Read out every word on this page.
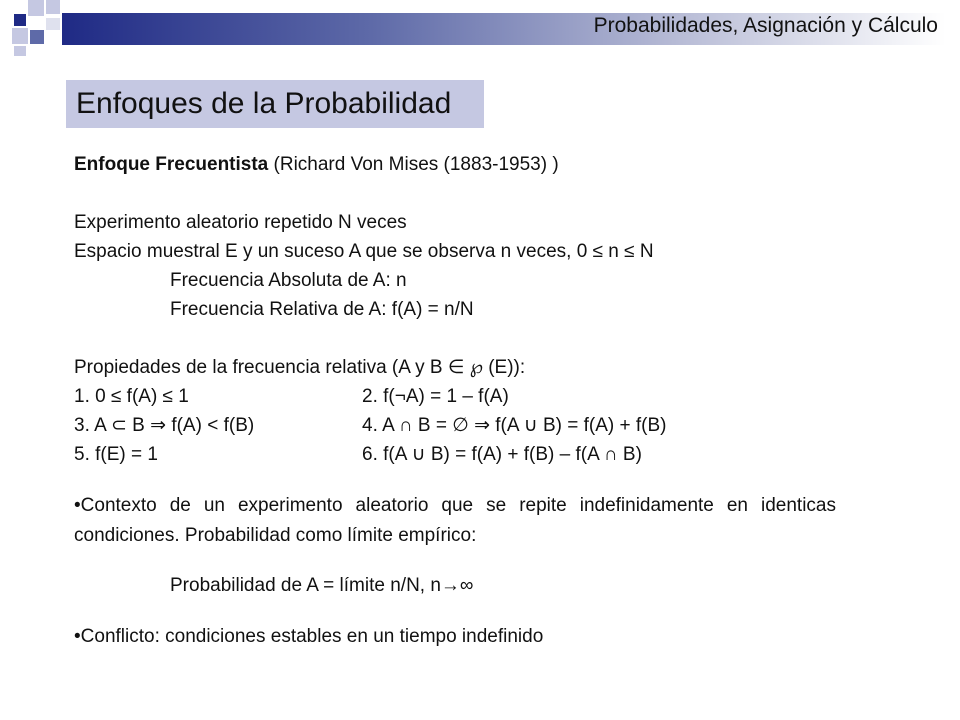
Probabilidades, Asignación y Cálculo
Enfoques de la Probabilidad
Enfoque Frecuentista (Richard Von Mises (1883-1953) )
Experimento aleatorio repetido N veces
Espacio muestral E y un suceso A que se observa n veces, 0 ≤ n ≤ N
Frecuencia Absoluta de A: n
Frecuencia Relativa de A: f(A) = n/N
Propiedades de la frecuencia relativa (A y B ∈ ℘ (E)):
1. 0 ≤ f(A) ≤ 1	2. f(¬A) = 1 – f(A)
3. A ⊂ B ⇒ f(A) < f(B)	4. A ∩ B = ∅ ⇒ f(A ∪ B) = f(A) + f(B)
5. f(E) = 1	6. f(A ∪ B) = f(A) + f(B) – f(A ∩ B)
•Contexto de un experimento aleatorio que se repite indefinidamente en identicas condiciones. Probabilidad como límite empírico:
Probabilidad de A = límite n/N, n→∞
•Conflicto: condiciones estables en un tiempo indefinido
